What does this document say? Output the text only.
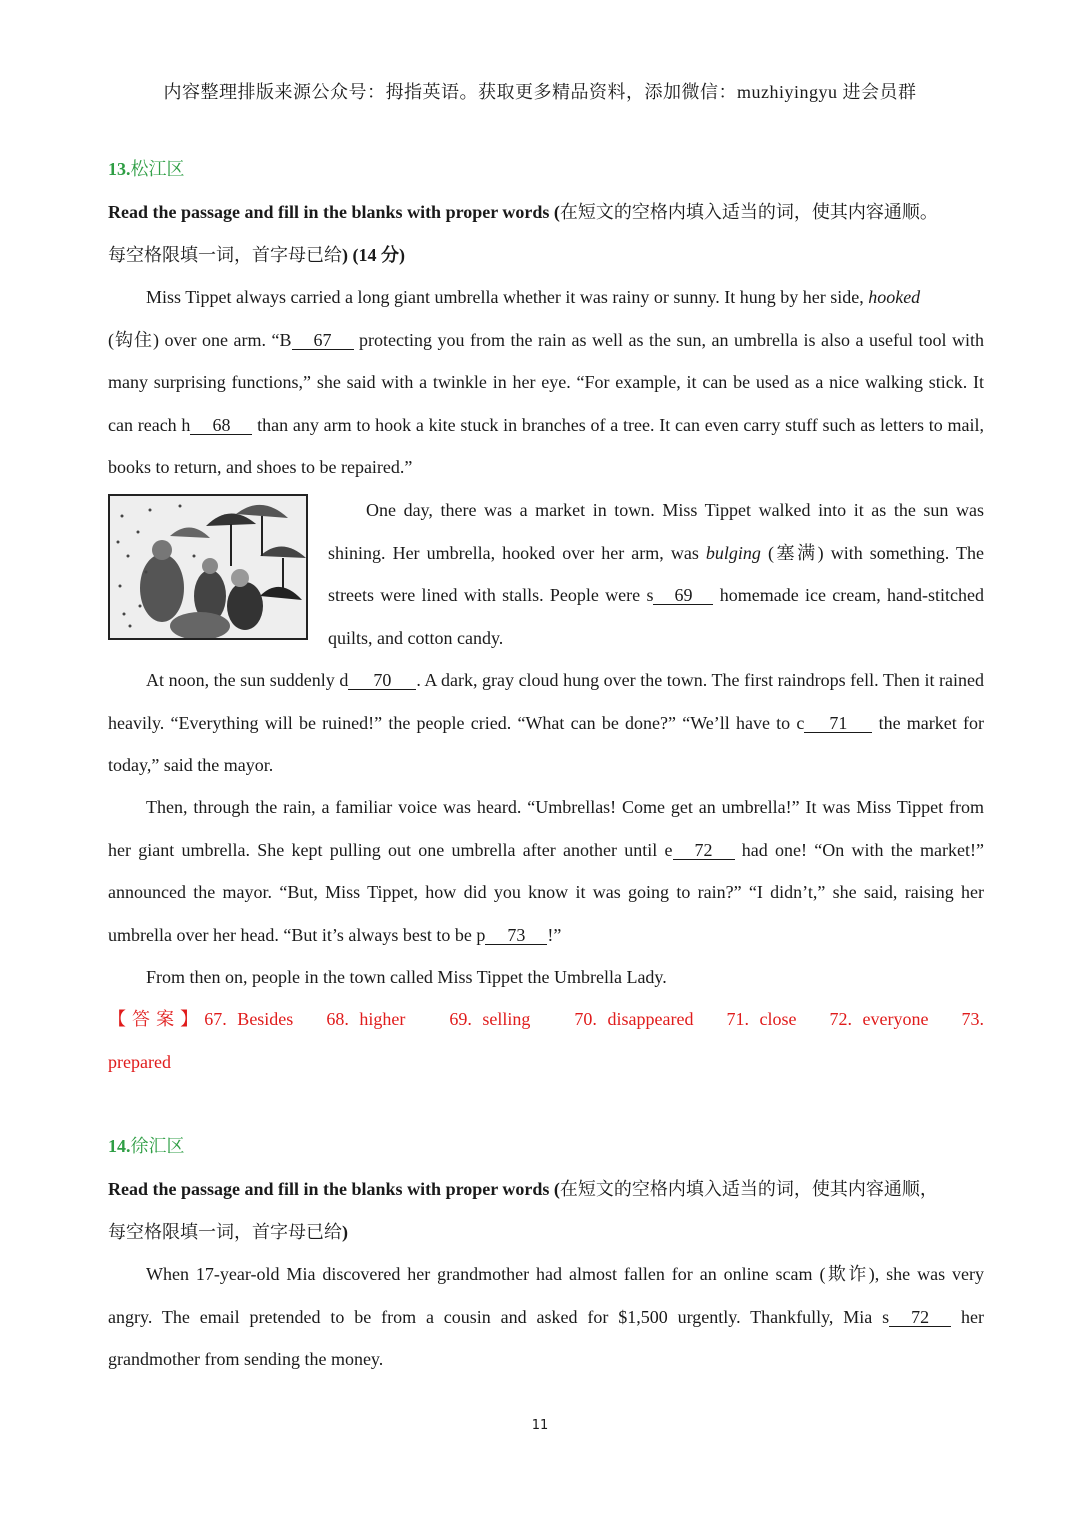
内容整理排版来源公众号：拇指英语。获取更多精品资料，添加微信：muzhiyingyu 进会员群
13.松江区

Read the passage and fill in the blanks with proper words (在短文的空格内填入适当的词，使其内容通顺。
每空格限填一词，首字母已给) (14 分)

Miss Tippet always carried a long giant umbrella whether it was rainy or sunny. It hung by her side, hooked
(钩住) over one arm. “B 67 protecting you from the rain as well as the sun, an umbrella is also a useful tool with many surprising functions,” she said with a twinkle in her eye. “For example, it can be used as a nice walking stick. It can reach h 68 than any arm to hook a kite stuck in branches of a tree. It can even carry stuff such as letters to mail, books to return, and shoes to be repaired.”

One day, there was a market in town. Miss Tippet walked into it as the sun was shining. Her umbrella, hooked over her arm, was bulging (塞满) with something. The streets were lined with stalls. People were s 69 homemade ice cream, hand-stitched quilts, and cotton candy.

At noon, the sun suddenly d 70 . A dark, gray cloud hung over the town. The first raindrops fell. Then it rained heavily. “Everything will be ruined!” the people cried. “What can be done?” “We’ll have to c 71 the market for today,” said the mayor.

Then, through the rain, a familiar voice was heard. “Umbrellas! Come get an umbrella!” It was Miss Tippet from her giant umbrella. She kept pulling out one umbrella after another until e 72 had one! “On with the market!” announced the mayor. “But, Miss Tippet, how did you know it was going to rain?” “I didn’t,” she said, raising her umbrella over her head. “But it’s always best to be p 73 !”

From then on, people in the town called Miss Tippet the Umbrella Lady.

【答案】67. Besides 68. higher 69. selling 70. disappeared 71. close 72. everyone 73. prepared

14.徐汇区

Read the passage and fill in the blanks with proper words (在短文的空格内填入适当的词，使其内容通顺，
每空格限填一词，首字母已给)

When 17-year-old Mia discovered her grandmother had almost fallen for an online scam (欺诈), she was very angry. The email pretended to be from a cousin and asked for $1,500 urgently. Thankfully, Mia s 72 her grandmother from sending the money.

11
